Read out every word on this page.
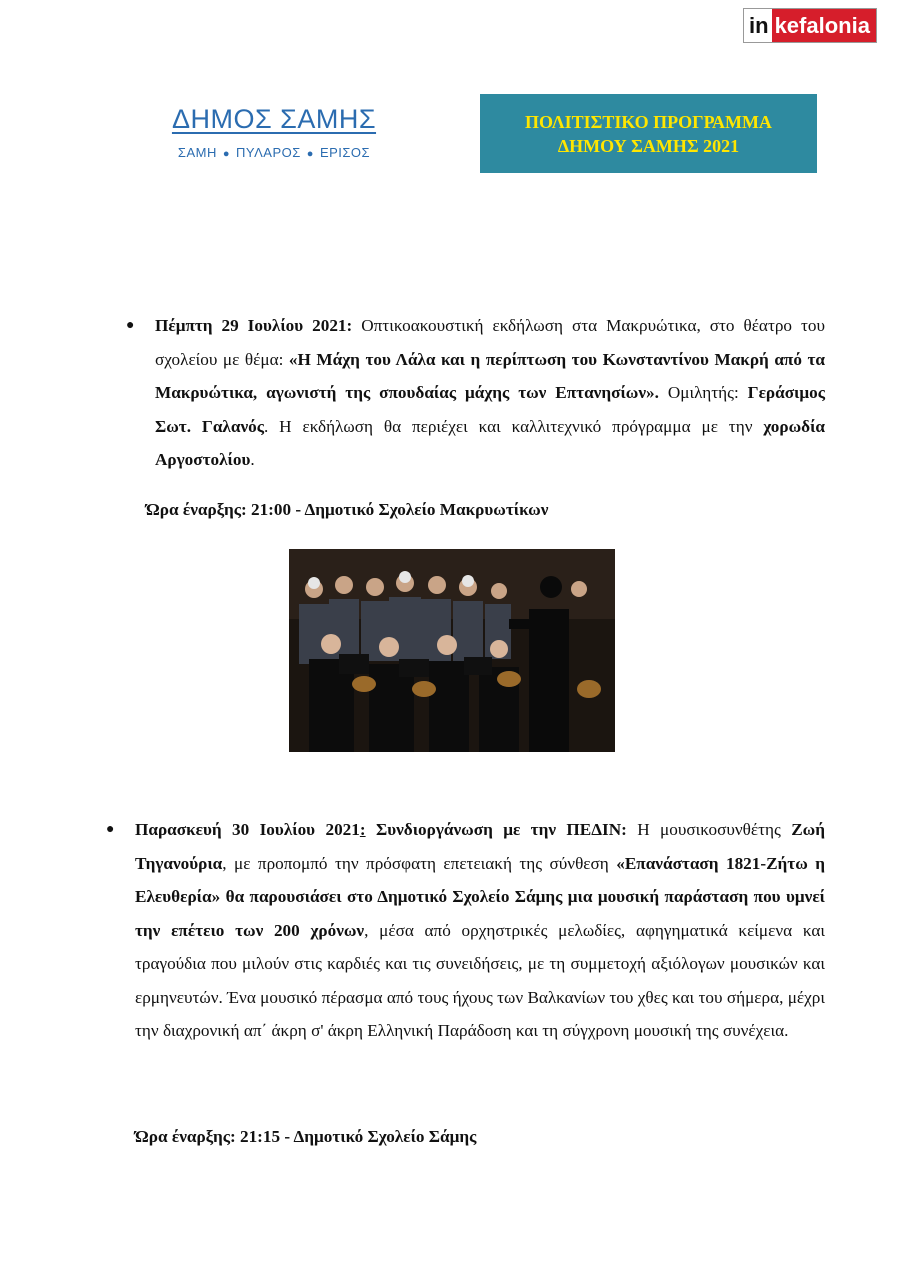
in kefalonia
ΔΗΜΟΣ ΣΑΜΗΣ
ΣΑΜΗ ● ΠΥΛΑΡΟΣ ● ΕΡΙΣΟΣ
ΠΟΛΙΤΙΣΤΙΚΟ ΠΡΟΓΡΑΜΜΑ
ΔΗΜΟΥ ΣΑΜΗΣ 2021
● Πέμπτη 29 Ιουλίου 2021: Οπτικοακουστική εκδήλωση στα Μακρυώτικα, στο θέατρο του σχολείου με θέμα: «Η Μάχη του Λάλα και η περίπτωση του Κωνσταντίνου Μακρή από τα Μακρυώτικα, αγωνιστή της σπουδαίας μάχης των Επτανησίων». Ομιλητής: Γεράσιμος Σωτ. Γαλανός. Η εκδήλωση θα περιέχει και καλλιτεχνικό πρόγραμμα με την χορωδία Αργοστολίου.
Ώρα έναρξης: 21:00 - Δημοτικό Σχολείο Μακρυωτίκων
● Παρασκευή 30 Ιουλίου 2021: Συνδιοργάνωση με την ΠΕΔΙΝ: Η μουσικοσυνθέτης Ζωή Τηγανούρια, με προπομπό την πρόσφατη επετειακή της σύνθεση «Επανάσταση 1821-Ζήτω η Ελευθερία» θα παρουσιάσει στο Δημοτικό Σχολείο Σάμης μια μουσική παράσταση που υμνεί την επέτειο των 200 χρόνων, μέσα από ορχηστρικές μελωδίες, αφηγηματικά κείμενα και τραγούδια που μιλούν στις καρδιές και τις συνειδήσεις, με τη συμμετοχή αξιόλογων μουσικών και ερμηνευτών. Ένα μουσικό πέρασμα από τους ήχους των Βαλκανίων του χθες και του σήμερα, μέχρι την διαχρονική απ΄ άκρη σ' άκρη Ελληνική Παράδοση και τη σύγχρονη μουσική της συνέχεια.
Ώρα έναρξης: 21:15 - Δημοτικό Σχολείο Σάμης
